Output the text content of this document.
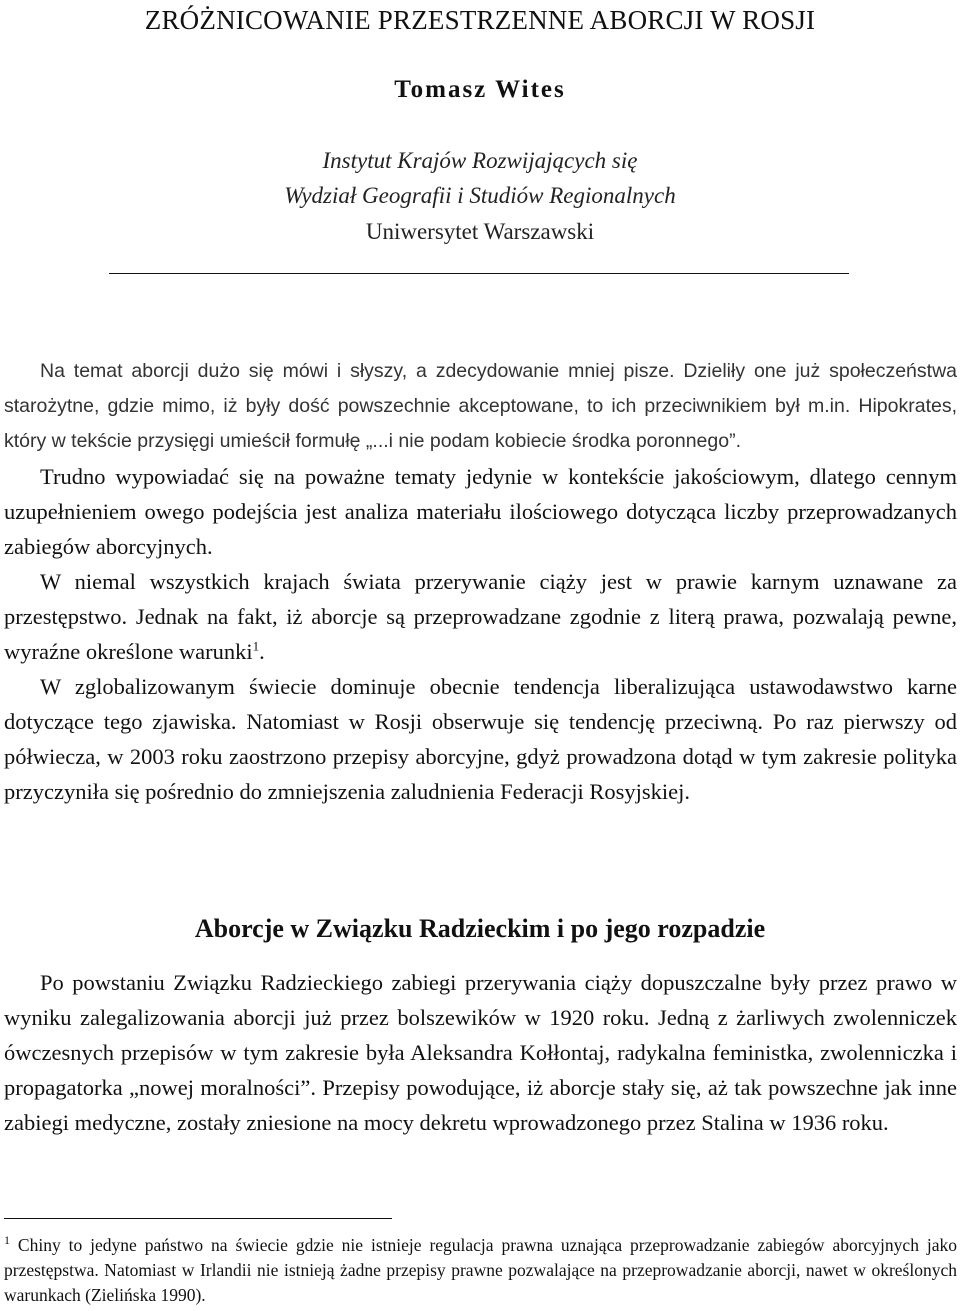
ZRÓŻNICOWANIE PRZESTRZENNE ABORCJI W ROSJI
Tomasz Wites
Instytut Krajów Rozwijających się
Wydział Geografii i Studiów Regionalnych
Uniwersytet Warszawski

Na temat aborcji dużo się mówi i słyszy, a zdecydowanie mniej pisze. Dzieliły one już społeczeństwa starożytne, gdzie mimo, iż były dość powszechnie akceptowane, to ich przeciwnikiem był m.in. Hipokrates, który w tekście przysięgi umieścił formułę „...i nie podam kobiecie środka poronnego”.

Trudno wypowiadać się na poważne tematy jedynie w kontekście jakościowym, dlatego cennym uzupełnieniem owego podejścia jest analiza materiału ilościowego dotycząca liczby przeprowadzanych zabiegów aborcyjnych.

W niemal wszystkich krajach świata przerywanie ciąży jest w prawie karnym uznawane za przestępstwo. Jednak na fakt, iż aborcje są przeprowadzane zgodnie z literą prawa, pozwalają pewne, wyraźne określone warunki$^1$.

W zglobalizowanym świecie dominuje obecnie tendencja liberalizująca ustawodawstwo karne dotyczące tego zjawiska. Natomiast w Rosji obserwuje się tendencję przeciwną. Po raz pierwszy od półwiecza, w 2003 roku zaostrzono przepisy aborcyjne, gdyż prowadzona dotąd w tym zakresie polityka przyczyniła się pośrednio do zmniejszenia zaludnienia Federacji Rosyjskiej.

Aborcje w Związku Radzieckim i po jego rozpadzie

Po powstaniu Związku Radzieckiego zabiegi przerywania ciąży dopuszczalne były przez prawo w wyniku zalegalizowania aborcji już przez bolszewików w 1920 roku. Jedną z żarliwych zwolenniczek ówczesnych przepisów w tym zakresie była Aleksandra Kołłontaj, radykalna feministka, zwolenniczka i propagatorka „nowej moralności”. Przepisy powodujące, iż aborcje stały się, aż tak powszechne jak inne zabiegi medyczne, zostały zniesione na mocy dekretu wprowadzonego przez Stalina w 1936 roku.

$^1$ Chiny to jedyne państwo na świecie gdzie nie istnieje regulacja prawna uznająca przeprowadzanie zabiegów aborcyjnych jako przestępstwa. Natomiast w Irlandii nie istnieją żadne przepisy prawne pozwalające na przeprowadzanie aborcji, nawet w określonych warunkach (Zielińska 1990).
